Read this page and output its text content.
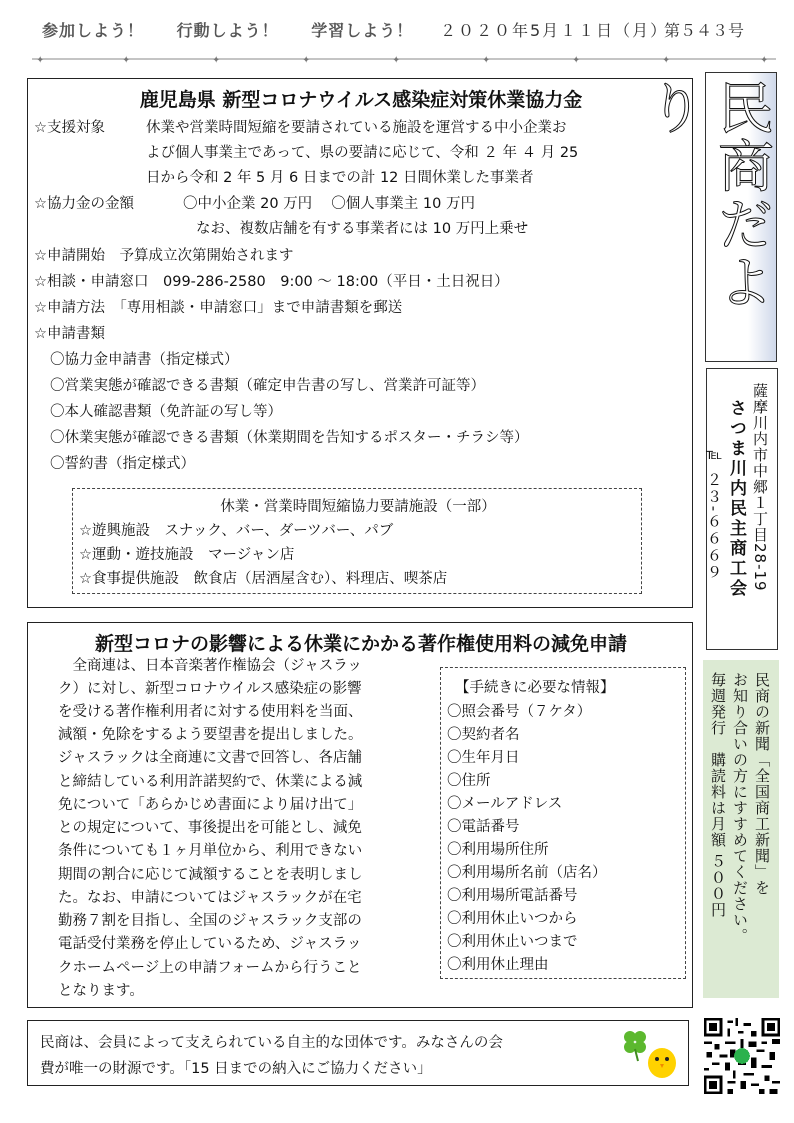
参加しよう！ 行動しよう！ 学習しよう！	２０２０年5月１１日（月）
第５４３号
✦	✦	✦	✦	✦	✦	✦	✦	✦
鹿児島県 新型コロナウイルス感染症対策休業協力金
☆支援対象	休業や営業時間短縮を要請されている施設を運営する中小企業お
よび個人事業主であって、県の要請に応じて、令和 ２ 年 ４ 月 25
日から令和 2 年 5 月 6 日までの計 12 日間休業した事業者
☆協力金の金額	〇中小企業 20 万円　 〇個人事業主 10 万円
なお、複数店舗を有する事業者には 10 万円上乗せ
☆申請開始　予算成立次第開始されます
☆相談・申請窓口　099-286-2580　9:00 ～ 18:00（平日・土日祝日）
☆申請方法　「専用相談・申請窓口」まで申請書類を郵送
☆申請書類
〇協力金申請書（指定様式）
〇営業実態が確認できる書類（確定申告書の写し、営業許可証等）
〇本人確認書類（免許証の写し等）
〇休業実態が確認できる書類（休業期間を告知するポスター・チラシ等）
〇誓約書（指定様式）
休業・営業時間短縮協力要請施設（一部）
☆遊興施設　スナック、バー、ダーツバー、パブ
☆運動・遊技施設　マージャン店
☆食事提供施設　飲食店（居酒屋含む）、料理店、喫茶店
民商だより
薩摩川内市中郷１丁目28-19
さつま川内民主商工会
℡ ２３-６６６９
新型コロナの影響による休業にかかる著作権使用料の減免申請
　全商連は、日本音楽著作権協会（ジャスラッ
ク）に対し、新型コロナウイルス感染症の影響
を受ける著作権利用者に対する使用料を当面、
減額・免除をするよう要望書を提出しました。
ジャスラックは全商連に文書で回答し、各店舗
と締結している利用許諾契約で、休業による減
免について「あらかじめ書面により届け出て」
との規定について、事後提出を可能とし、減免
条件についても１ヶ月単位から、利用できない
期間の割合に応じて減額することを表明しまし
た。なお、申請についてはジャスラックが在宅
勤務７割を目指し、全国のジャスラック支部の
電話受付業務を停止しているため、ジャスラッ
クホームページ上の申請フォームから行うこと
となります。
【手続きに必要な情報】
〇照会番号（７ケタ）
〇契約者名
〇生年月日
〇住所
〇メールアドレス
〇電話番号
〇利用場所住所
〇利用場所名前（店名）
〇利用場所電話番号
〇利用休止いつから
〇利用休止いつまで
〇利用休止理由
民商の新聞「全国商工新聞」を
お知り合いの方にすすめてください。
毎週発行　購読料は月額 ５００円
民商は、会員によって支えられている自主的な団体です。みなさんの会
費が唯一の財源です。「15 日までの納入にご協力ください」
